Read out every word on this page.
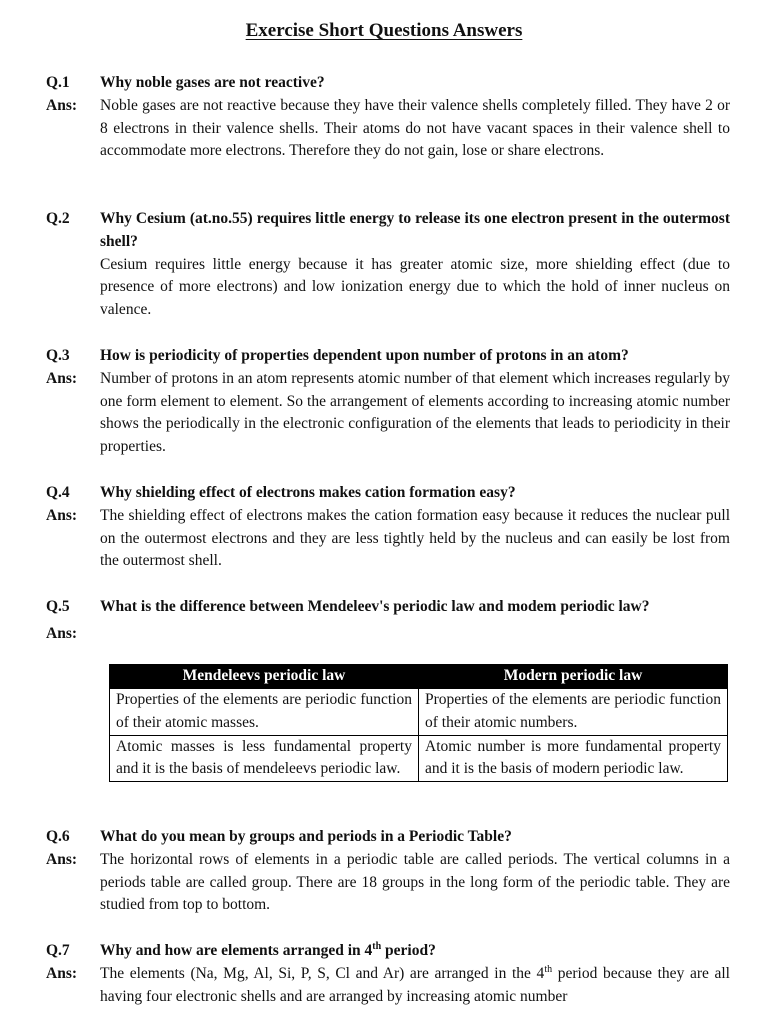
Exercise Short Questions Answers
Q.1	Why noble gases are not reactive?
Ans:	Noble gases are not reactive because they have their valence shells completely filled. They have 2 or 8 electrons in their valence shells. Their atoms do not have vacant spaces in their valence shell to accommodate more electrons. Therefore they do not gain, lose or share electrons.
Q.2	Why Cesium (at.no.55) requires little energy to release its one electron present in the outermost shell?
Cesium requires little energy because it has greater atomic size, more shielding effect (due to presence of more electrons) and low ionization energy due to which the hold of inner nucleus on valence.
Q.3	How is periodicity of properties dependent upon number of protons in an atom?
Ans:	Number of protons in an atom represents atomic number of that element which increases regularly by one form element to element. So the arrangement of elements according to increasing atomic number shows the periodically in the electronic configuration of the elements that leads to periodicity in their properties.
Q.4	Why shielding effect of electrons makes cation formation easy?
Ans:	The shielding effect of electrons makes the cation formation easy because it reduces the nuclear pull on the outermost electrons and they are less tightly held by the nucleus and can easily be lost from the outermost shell.
Q.5	What is the difference between Mendeleev's periodic law and modem periodic law?
Ans:
Mendeleevs periodic law	Modern periodic law
Properties of the elements are periodic function of their atomic masses.	Properties of the elements are periodic function of their atomic numbers.
Atomic masses is less fundamental property and it is the basis of mendeleevs periodic law.	Atomic number is more fundamental property and it is the basis of modern periodic law.
Q.6	What do you mean by groups and periods in a Periodic Table?
Ans:	The horizontal rows of elements in a periodic table are called periods. The vertical columns in a periods table are called group. There are 18 groups in the long form of the periodic table. They are studied from top to bottom.
Q.7	Why and how are elements arranged in 4th period?
Ans:	The elements (Na, Mg, Al, Si, P, S, Cl and Ar) are arranged in the 4th period because they are all having four electronic shells and are arranged by increasing atomic number
